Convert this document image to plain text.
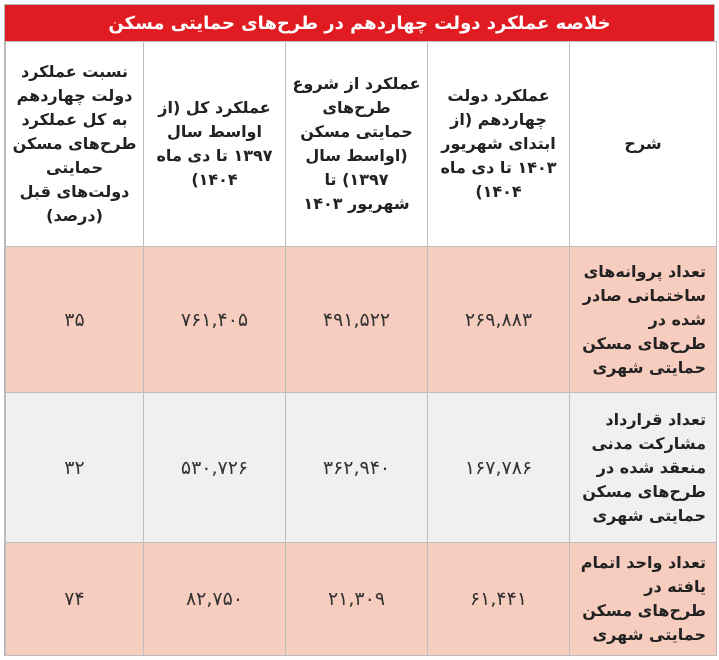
خلاصه عملکرد دولت چهاردهم در طرح‌های حمایتی مسکن
شرح	عملکرد دولت چهاردهم (از ابتدای شهریور ۱۴۰۳ تا دی ماه ۱۴۰۴)	عملکرد از شروع طرح‌های حمایتی مسکن (اواسط سال ۱۳۹۷) تا شهریور ۱۴۰۳	عملکرد کل (از اواسط سال ۱۳۹۷ تا دی ماه ۱۴۰۴)	نسبت عملکرد دولت چهاردهم به کل عملکرد طرح‌های مسکن حمایتی دولت‌های قبل (درصد)
تعداد پروانه‌های ساختمانی صادر شده در طرح‌های مسکن حمایتی شهری	۲۶۹,۸۸۳	۴۹۱,۵۲۲	۷۶۱,۴۰۵	۳۵
تعداد قرارداد مشارکت مدنی منعقد شده در طرح‌های مسکن حمایتی شهری	۱۶۷,۷۸۶	۳۶۲,۹۴۰	۵۳۰,۷۲۶	۳۲
تعداد واحد اتمام یافته در طرح‌های مسکن حمایتی شهری	۶۱,۴۴۱	۲۱,۳۰۹	۸۲,۷۵۰	۷۴
